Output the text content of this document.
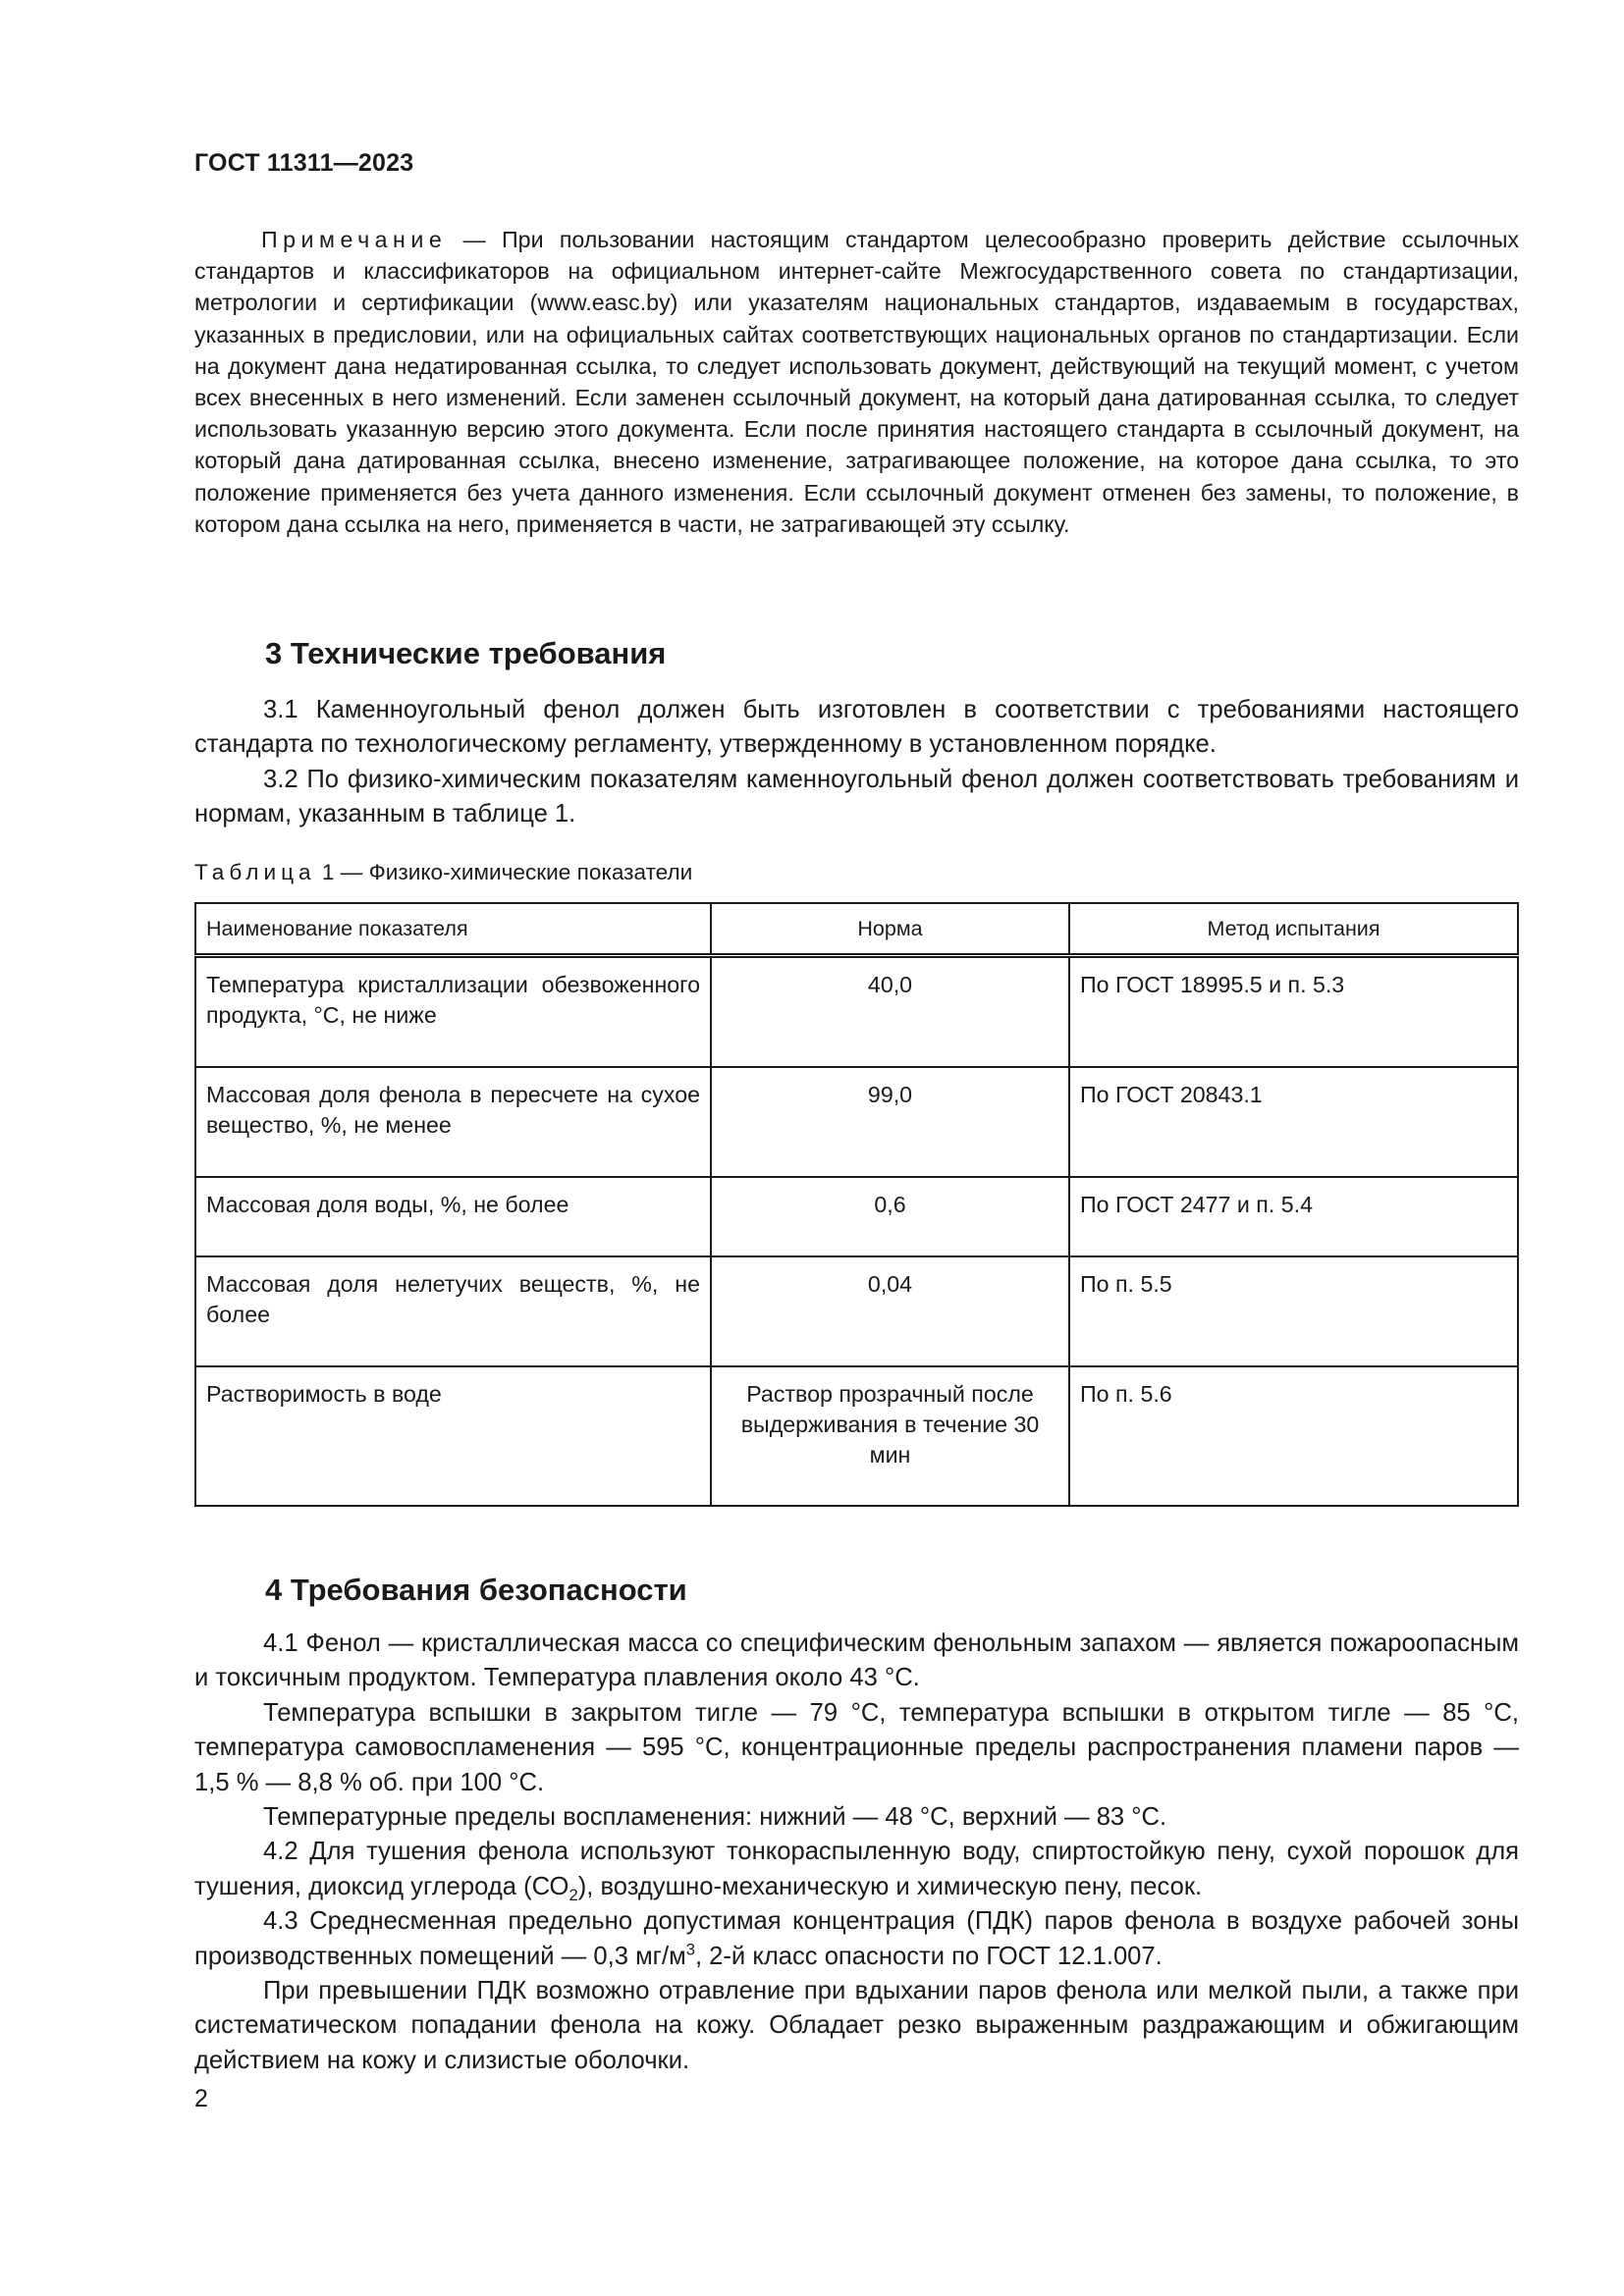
ГОСТ 11311—2023

Примечание — При пользовании настоящим стандартом целесообразно проверить действие ссылочных стандартов и классификаторов на официальном интернет-сайте Межгосударственного совета по стандартизации, метрологии и сертификации (www.easc.by) или указателям национальных стандартов, издаваемым в государствах, указанных в предисловии, или на официальных сайтах соответствующих национальных органов по стандартизации. Если на документ дана недатированная ссылка, то следует использовать документ, действующий на текущий момент, с учетом всех внесенных в него изменений. Если заменен ссылочный документ, на который дана датированная ссылка, то следует использовать указанную версию этого документа. Если после принятия настоящего стандарта в ссылочный документ, на который дана датированная ссылка, внесено изменение, затрагивающее положение, на которое дана ссылка, то это положение применяется без учета данного изменения. Если ссылочный документ отменен без замены, то положение, в котором дана ссылка на него, применяется в части, не затрагивающей эту ссылку.

3 Технические требования

3.1 Каменноугольный фенол должен быть изготовлен в соответствии с требованиями настоящего стандарта по технологическому регламенту, утвержденному в установленном порядке.

3.2 По физико-химическим показателям каменноугольный фенол должен соответствовать требованиям и нормам, указанным в таблице 1.

Таблица 1 — Физико-химические показатели
Наименование показателя	Норма	Метод испытания
Температура кристаллизации обезвоженного продукта, °С, не ниже	40,0	По ГОСТ 18995.5 и п. 5.3
Массовая доля фенола в пересчете на сухое вещество, %, не менее	99,0	По ГОСТ 20843.1
Массовая доля воды, %, не более	0,6	По ГОСТ 2477 и п. 5.4
Массовая доля нелетучих веществ, %, не более	0,04	По п. 5.5
Растворимость в воде	Раствор прозрачный после выдерживания в течение 30 мин	По п. 5.6
4 Требования безопасности

4.1 Фенол — кристаллическая масса со специфическим фенольным запахом — является пожароопасным и токсичным продуктом. Температура плавления около 43 °С.

Температура вспышки в закрытом тигле — 79 °С, температура вспышки в открытом тигле — 85 °С, температура самовоспламенения — 595 °С, концентрационные пределы распространения пламени паров — 1,5 % — 8,8 % об. при 100 °С.

Температурные пределы воспламенения: нижний — 48 °С, верхний — 83 °С.

4.2 Для тушения фенола используют тонкораспыленную воду, спиртостойкую пену, сухой порошок для тушения, диоксид углерода $(СО_2)$, воздушно-механическую и химическую пену, песок.

4.3 Среднесменная предельно допустимая концентрация (ПДК) паров фенола в воздухе рабочей зоны производственных помещений — 0,3 $мг/м^3$, 2-й класс опасности по ГОСТ 12.1.007.

При превышении ПДК возможно отравление при вдыхании паров фенола или мелкой пыли, а также при систематическом попадании фенола на кожу. Обладает резко выраженным раздражающим и обжигающим действием на кожу и слизистые оболочки.

2
